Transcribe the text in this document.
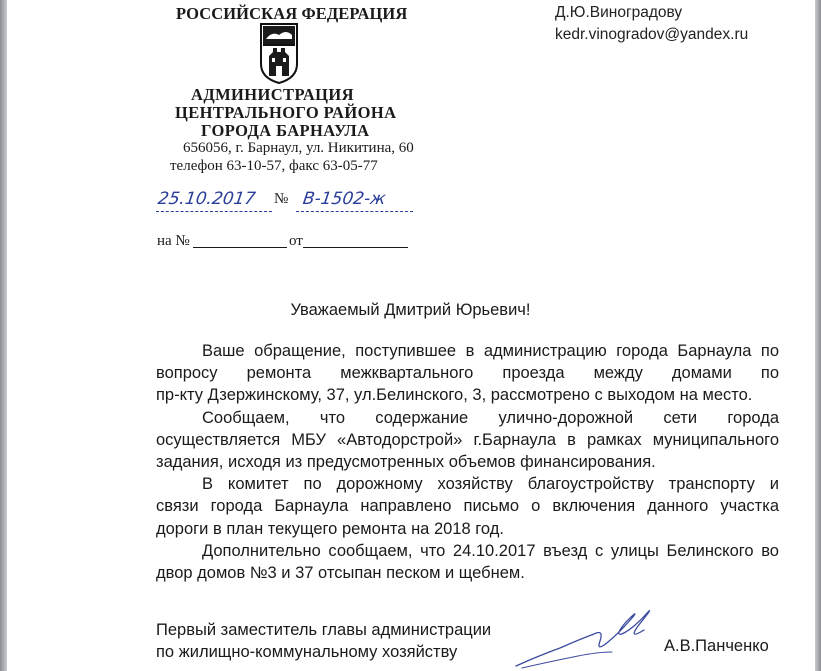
РОССИЙСКАЯ ФЕДЕРАЦИЯ
АДМИНИСТРАЦИЯ
ЦЕНТРАЛЬНОГО РАЙОНА
ГОРОДА БАРНАУЛА
656056, г. Барнаул, ул. Никитина, 60
телефон 63-10-57, факс 63-05-77
Д.Ю.Виноградову
kedr.vinogradov@yandex.ru
25.10.2017 № В-1502-ж
на №	от
Уважаемый Дмитрий Юрьевич!
Ваше обращение, поступившее в администрацию города Барнаула по
вопросу ремонта межквартального проезда между домами по
пр-кту Дзержинскому, 37, ул.Белинского, 3, рассмотрено с выходом на место.
Сообщаем, что содержание улично-дорожной сети города
осуществляется МБУ «Автодорстрой» г.Барнаула в рамках муниципального
задания, исходя из предусмотренных объемов финансирования.
В комитет по дорожному хозяйству благоустройству транспорту и
связи города Барнаула направлено письмо о включения данного участка
дороги в план текущего ремонта на 2018 год.
Дополнительно сообщаем, что 24.10.2017 въезд с улицы Белинского во
двор домов №3 и 37 отсыпан песком и щебнем.
Первый заместитель главы администрации
по жилищно-коммунальному хозяйству	А.В.Панченко
